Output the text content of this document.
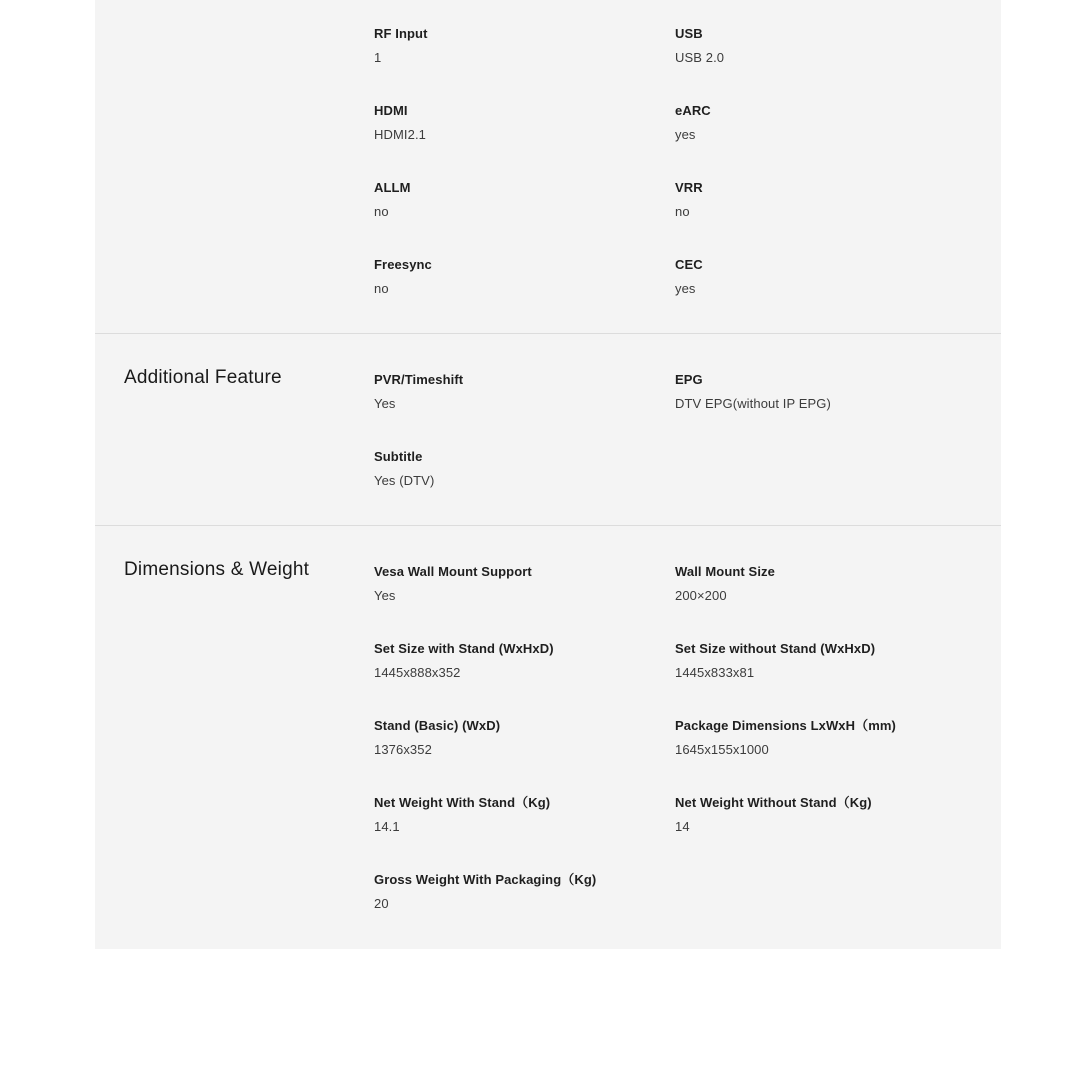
RF Input
1
USB
USB 2.0
HDMI
HDMI2.1
eARC
yes
ALLM
no
VRR
no
Freesync
no
CEC
yes
Additional Feature	PVR/Timeshift
Yes
EPG
DTV EPG(without IP EPG)
Subtitle
Yes (DTV)
Dimensions & Weight	Vesa Wall Mount Support
Yes
Wall Mount Size
200×200
Set Size with Stand (WxHxD)
1445x888x352
Set Size without Stand (WxHxD)
1445x833x81
Stand (Basic) (WxD)
1376x352
Package Dimensions LxWxH（mm)
1645x155x1000
Net Weight With Stand（Kg)
14.1
Net Weight Without Stand（Kg)
14
Gross Weight With Packaging（Kg)
20
